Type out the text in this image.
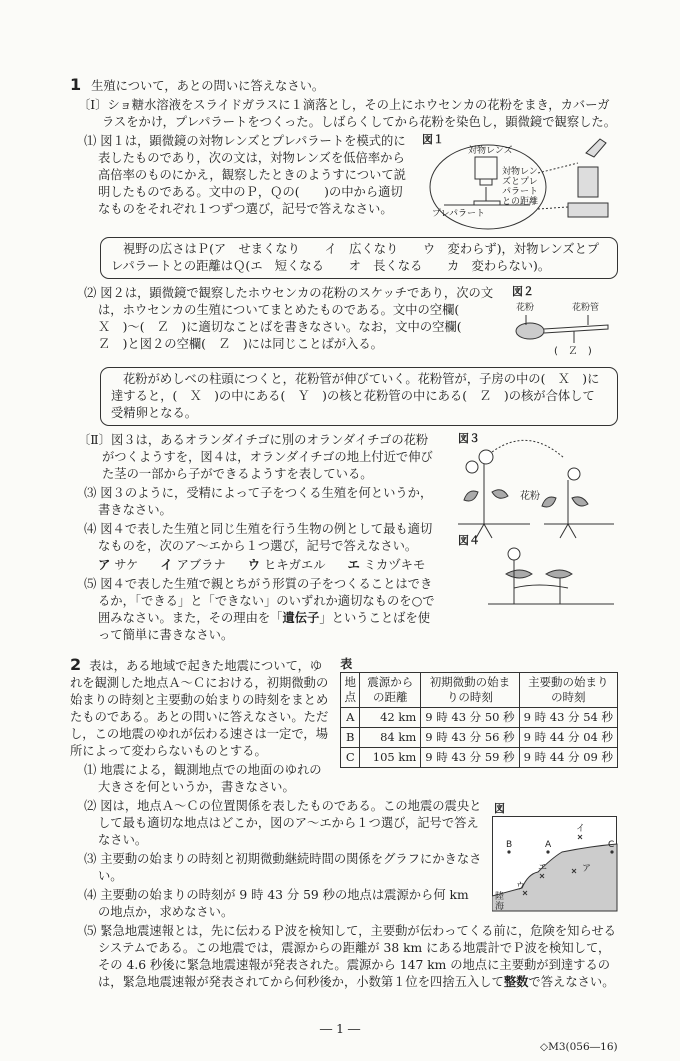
1 生殖について，あとの問いに答えなさい。
〔Ⅰ〕ショ糖水溶液をスライドガラスに１滴落とし，その上にホウセンカの花粉をまき，カバーガラスをかけ，プレパラートをつくった。しばらくしてから花粉を染色し，顕微鏡で観察した。
図１
対物レンズ
対物レンズとプレパラートとの距離
プレパラート
⑴ 図１は，顕微鏡の対物レンズとプレパラートを模式的に表したものであり，次の文は，対物レンズを低倍率から高倍率のものにかえ，観察したときのようすについて説明したものである。文中のＰ，Ｑの(　　)の中から適切なものをそれぞれ１つずつ選び，記号で答えなさい。
視野の広さはＰ(ア　せまくなり　　イ　広くなり　　ウ　変わらず)，対物レンズとプレパラートとの距離はＱ(エ　短くなる　　オ　長くなる　　カ　変わらない)。
図２
花粉	花粉管
(　Ｚ　)
⑵ 図２は，顕微鏡で観察したホウセンカの花粉のスケッチであり，次の文は，ホウセンカの生殖についてまとめたものである。文中の空欄(　Ｘ　)～(　Ｚ　)に適切なことばを書きなさい。なお，文中の空欄(　Ｚ　)と図２の空欄(　Ｚ　)には同じことばが入る。
花粉がめしべの柱頭につくと，花粉管が伸びていく。花粉管が，子房の中の(　Ｘ　)に達すると，(　Ｘ　)の中にある(　Ｙ　)の核と花粉管の中にある(　Ｚ　)の核が合体して受精卵となる。
図３
花粉
図４
〔Ⅱ〕図３は，あるオランダイチゴに別のオランダイチゴの花粉がつくようすを，図４は，オランダイチゴの地上付近で伸びた茎の一部から子ができるようすを表している。
⑶ 図３のように，受精によって子をつくる生殖を何というか，書きなさい。
⑷ 図４で表した生殖と同じ生殖を行う生物の例として最も適切なものを，次のア～エから１つ選び，記号で答えなさい。
ア サケ イ アブラナ ウ ヒキガエル エ ミカヅキモ
⑸ 図４で表した生殖で親とちがう形質の子をつくることはできるか，「できる」と「できない」のいずれか適切なものを○で囲みなさい。また，その理由を「遺伝子」ということばを使って簡単に書きなさい。
表
地点	震源からの距離	初期微動の始まりの時刻	主要動の始まりの時刻
A	42 km	9 時 43 分 50 秒	9 時 43 分 54 秒
B	84 km	9 時 43 分 56 秒	9 時 44 分 04 秒
C	105 km	9 時 43 分 59 秒	9 時 44 分 09 秒
2 表は，ある地域で起きた地震について，ゆれを観測した地点Ａ～Ｃにおける，初期微動の始まりの時刻と主要動の始まりの時刻をまとめたものである。あとの問いに答えなさい。ただし，この地震のゆれが伝わる速さは一定で，場所によって変わらないものとする。
⑴ 地震による，観測地点での地面のゆれの大きさを何というか，書きなさい。
図
B	A	C
イ
エ	ア
ウ
陸
海
⑵ 図は，地点Ａ～Ｃの位置関係を表したものである。この地震の震央として最も適切な地点はどこか，図のア～エから１つ選び，記号で答えなさい。
⑶ 主要動の始まりの時刻と初期微動継続時間の関係をグラフにかきなさい。
⑷ 主要動の始まりの時刻が 9 時 43 分 59 秒の地点は震源から何 km の地点か，求めなさい。
⑸ 緊急地震速報とは，先に伝わるＰ波を検知して，主要動が伝わってくる前に，危険を知らせるシステムである。この地震では，震源からの距離が 38 km にある地震計でＰ波を検知して，その 4.6 秒後に緊急地震速報が発表された。震源から 147 km の地点に主要動が到達するのは，緊急地震速報が発表されてから何秒後か，小数第１位を四捨五入して整数で答えなさい。
― 1 ―
◇M3(056―16)
